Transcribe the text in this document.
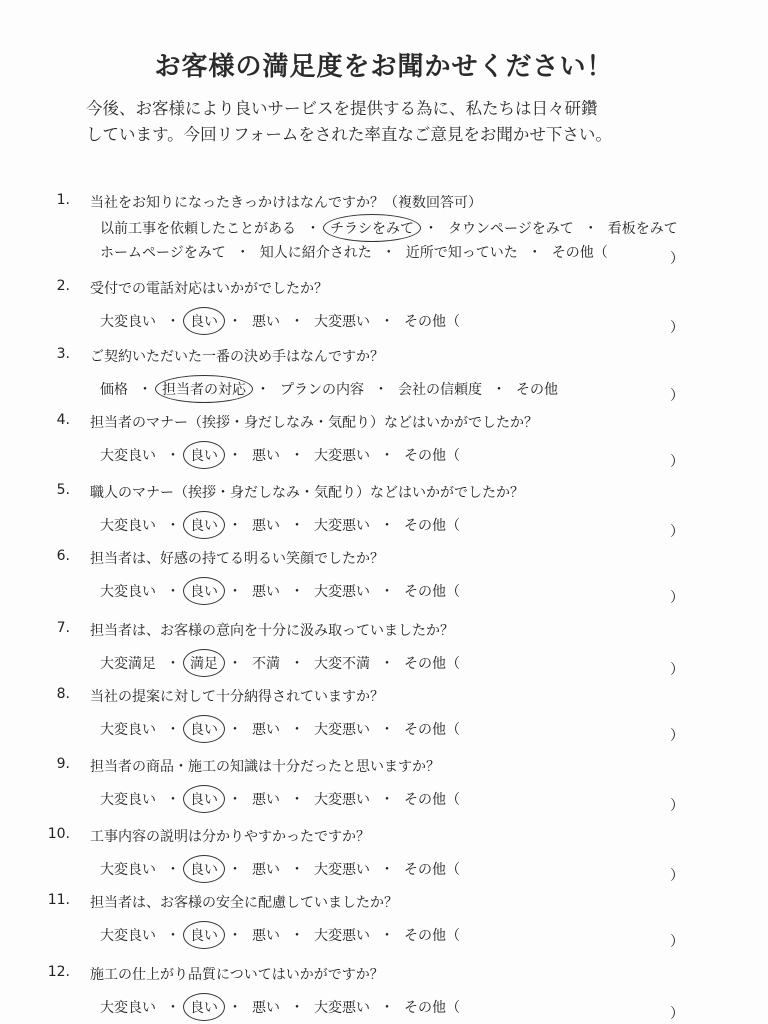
お客様の満足度をお聞かせください！
今後、お客様により良いサービスを提供する為に、私たちは日々研鑽
しています。今回リフォームをされた率直なご意見をお聞かせ下さい。
1. 当社をお知りになったきっかけはなんですか？（複数回答可）
以前工事を依頼したことがある ・ チラシをみて ・ タウンページをみて ・ 看板をみて
ホームページをみて ・ 知人に紹介された ・ 近所で知っていた ・ その他（	）
2. 受付での電話対応はいかがでしたか？
大変良い ・ 良い ・ 悪い ・ 大変悪い ・ その他（	）
3. ご契約いただいた一番の決め手はなんですか？
価格 ・ 担当者の対応 ・ プランの内容 ・ 会社の信頼度 ・ その他	）
4. 担当者のマナー（挨拶・身だしなみ・気配り）などはいかがでしたか？
大変良い ・ 良い ・ 悪い ・ 大変悪い ・ その他（	）
5. 職人のマナー（挨拶・身だしなみ・気配り）などはいかがでしたか？
大変良い ・ 良い ・ 悪い ・ 大変悪い ・ その他（	）
6. 担当者は、好感の持てる明るい笑顔でしたか？
大変良い ・ 良い ・ 悪い ・ 大変悪い ・ その他（	）
7. 担当者は、お客様の意向を十分に汲み取っていましたか？
大変満足 ・ 満足 ・ 不満 ・ 大変不満 ・ その他（	）
8. 当社の提案に対して十分納得されていますか？
大変良い ・ 良い ・ 悪い ・ 大変悪い ・ その他（	）
9. 担当者の商品・施工の知識は十分だったと思いますか？
大変良い ・ 良い ・ 悪い ・ 大変悪い ・ その他（	）
10. 工事内容の説明は分かりやすかったですか？
大変良い ・ 良い ・ 悪い ・ 大変悪い ・ その他（	）
11. 担当者は、お客様の安全に配慮していましたか？
大変良い ・ 良い ・ 悪い ・ 大変悪い ・ その他（	）
12. 施工の仕上がり品質についてはいかがですか？
大変良い ・ 良い ・ 悪い ・ 大変悪い ・ その他（	）
